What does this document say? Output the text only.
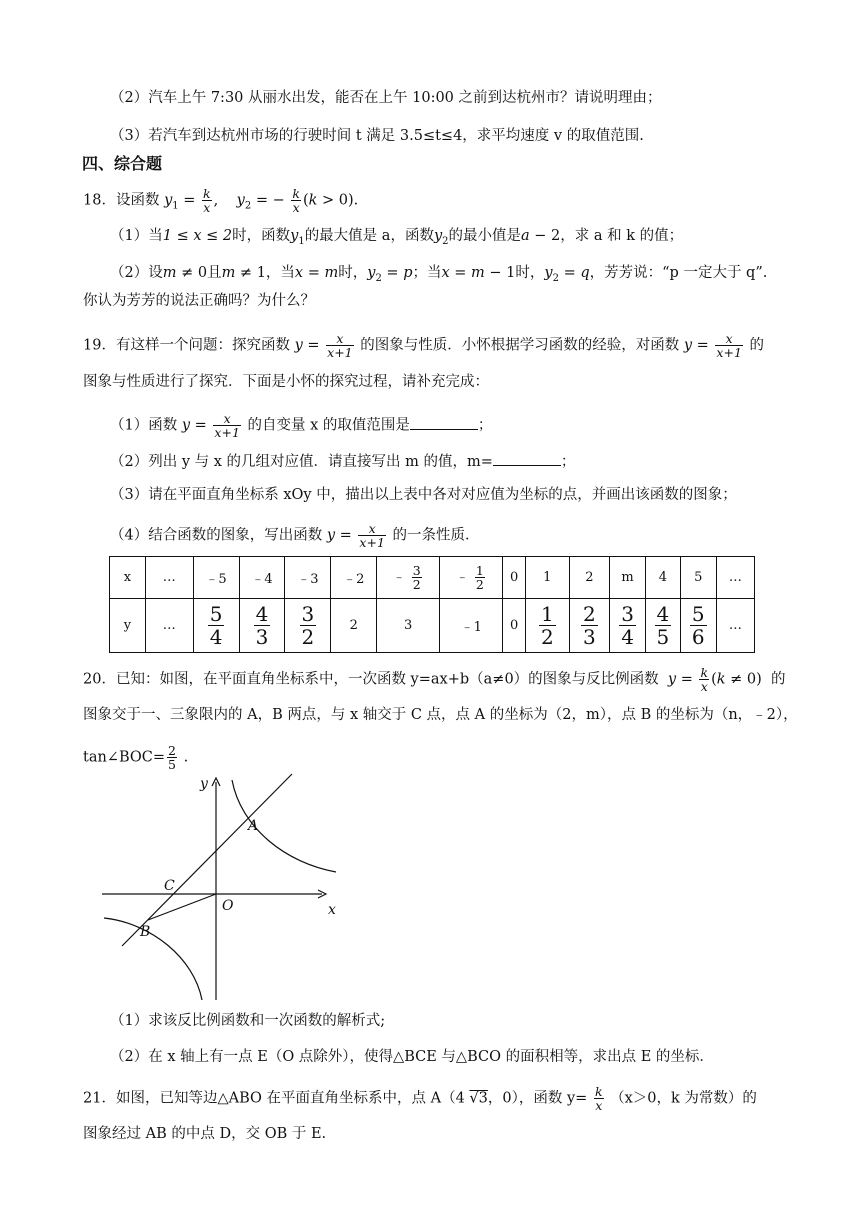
（2）汽车上午 7:30 从丽水出发，能否在上午 10:00 之前到达杭州市？请说明理由；
（3）若汽车到达杭州市场的行驶时间 t 满足 3.5≤t≤4，求平均速度 v 的取值范围.
四、综合题
18．设函数 $y_1 = \frac{k}{x}$ ,    $y_2$ = − $\frac{k}{x} (k > 0)$.
（1）当1 ≤ x ≤ 2时，函数$y_1$的最大值是 a，函数$y_2$的最小值是a − 2，求 a 和 k 的值；
（2）设m ≠ 0且m ≠ 1，当x = m时，$y_2 = p$；当x = m − 1时，$y_2 = q$，芳芳说：“p 一定大于 q”.
你认为芳芳的说法正确吗？为什么？
19．有这样一个问题：探究函数 $y = \frac{x}{x+1}$ 的图象与性质．小怀根据学习函数的经验，对函数 $y = \frac{x}{x+1}$ 的
图象与性质进行了探究．下面是小怀的探究过程，请补充完成：
（1）函数 $y = \frac{x}{x+1}$ 的自变量 x 的取值范围是	；
（2）列出 y 与 x 的几组对应值．请直接写出 m 的值，m=	；
（3）请在平面直角坐标系 xOy 中，描出以上表中各对对应值为坐标的点，并画出该函数的图象；
（4）结合函数的图象，写出函数 $y = \frac{x}{x+1}$ 的一条性质．
x	…	﹣5	﹣4	﹣3	﹣2	﹣ $\frac{3}{2}$	﹣ $\frac{1}{2}$	0	1	2	m	4	5	…
y	…	$\frac{5}{4}$	$\frac{4}{3}$	$\frac{3}{2}$	2	3	﹣1	0	$\frac{1}{2}$	$\frac{2}{3}$	$\frac{3}{4}$	$\frac{4}{5}$	$\frac{5}{6}$	…
20．已知：如图，在平面直角坐标系中，一次函数 y=ax+b（a≠0）的图象与反比例函数 $y = \frac{k}{x} (k \ne 0)$  的
图象交于一、三象限内的 A，B 两点，与 x 轴交于 C 点，点 A 的坐标为（2，m），点 B 的坐标为（n，﹣2），
tan∠BOC= $\frac{2}{5}$ .
y
x
A
B
C
O
（1）求该反比例函数和一次函数的解析式;
（2）在 x 轴上有一点 E（O 点除外），使得△BCE 与△BCO 的面积相等，求出点 E 的坐标．
21．如图，已知等边△ABO 在平面直角坐标系中，点 A（4 √3，0），函数 $y= \frac{k}{x} (x>0$，k 为常数）的
图象经过 AB 的中点 D，交 OB 于 E.
